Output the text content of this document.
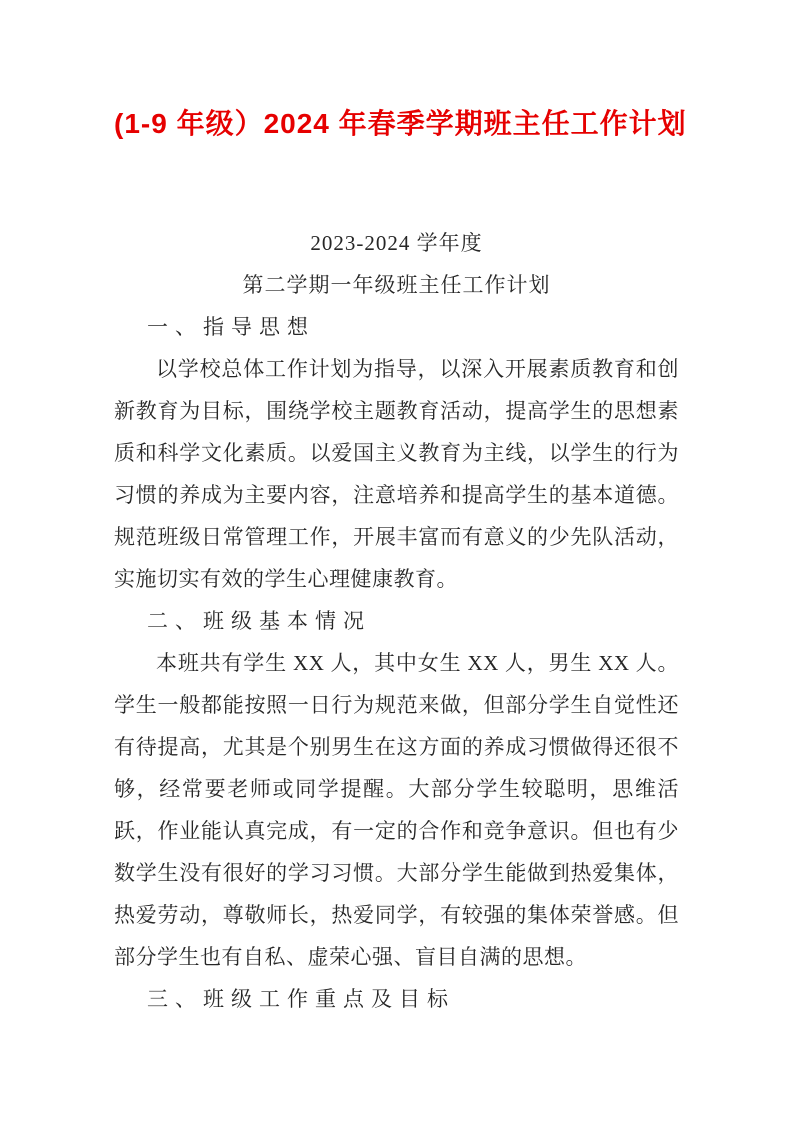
(1-9 年级）2024 年春季学期班主任工作计划
2023-2024 学年度
第二学期一年级班主任工作计划
一、指导思想

以学校总体工作计划为指导，以深入开展素质教育和创新教育为目标，围绕学校主题教育活动，提高学生的思想素质和科学文化素质。以爱国主义教育为主线，以学生的行为习惯的养成为主要内容，注意培养和提高学生的基本道德。规范班级日常管理工作，开展丰富而有意义的少先队活动，实施切实有效的学生心理健康教育。

二、班级基本情况

本班共有学生 XX 人，其中女生 XX 人，男生 XX 人。学生一般都能按照一日行为规范来做，但部分学生自觉性还有待提高，尤其是个别男生在这方面的养成习惯做得还很不够，经常要老师或同学提醒。大部分学生较聪明，思维活跃，作业能认真完成，有一定的合作和竞争意识。但也有少数学生没有很好的学习习惯。大部分学生能做到热爱集体，热爱劳动，尊敬师长，热爱同学，有较强的集体荣誉感。但部分学生也有自私、虚荣心强、盲目自满的思想。

三、班级工作重点及目标
